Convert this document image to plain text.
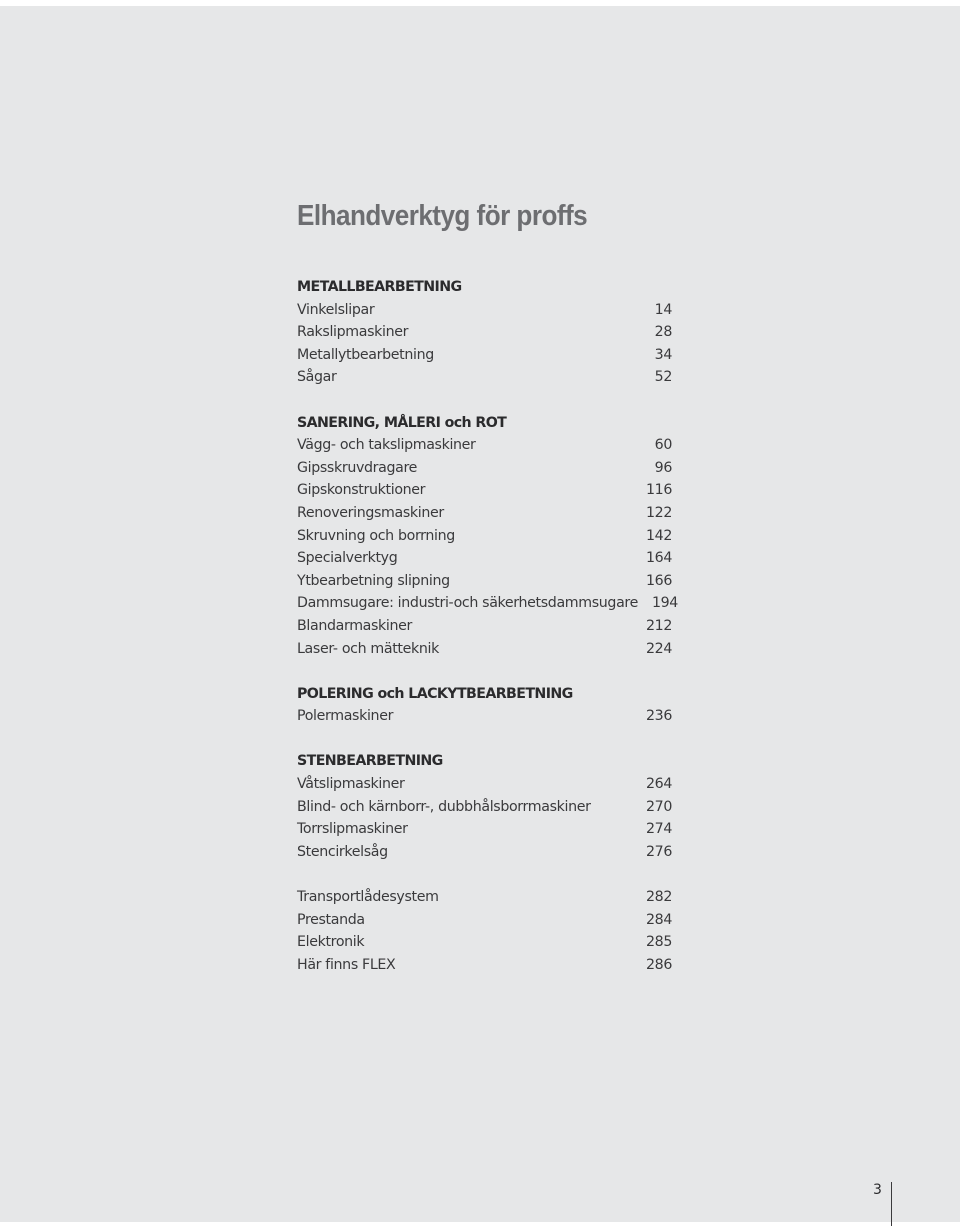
Elhandverktyg för proffs
METALLBEARBETNING
Vinkelslipar	14
Rakslipmaskiner	28
Metallytbearbetning	34
Sågar	52
SANERING, MÅLERI och ROT
Vägg- och takslipmaskiner	60
Gipsskruvdragare	96
Gipskonstruktioner	116
Renoveringsmaskiner	122
Skruvning och borrning	142
Specialverktyg	164
Ytbearbetning slipning	166
Dammsugare: industri-och säkerhetsdammsugare 194
Blandarmaskiner	212
Laser- och mätteknik	224
POLERING och LACKYTBEARBETNING
Polermaskiner	236
STENBEARBETNING
Våtslipmaskiner	264
Blind- och kärnborr-, dubbhålsborrmaskiner	270
Torrslipmaskiner	274
Stencirkelsåg	276
Transportlådesystem	282
Prestanda	284
Elektronik	285
Här finns FLEX	286
3
